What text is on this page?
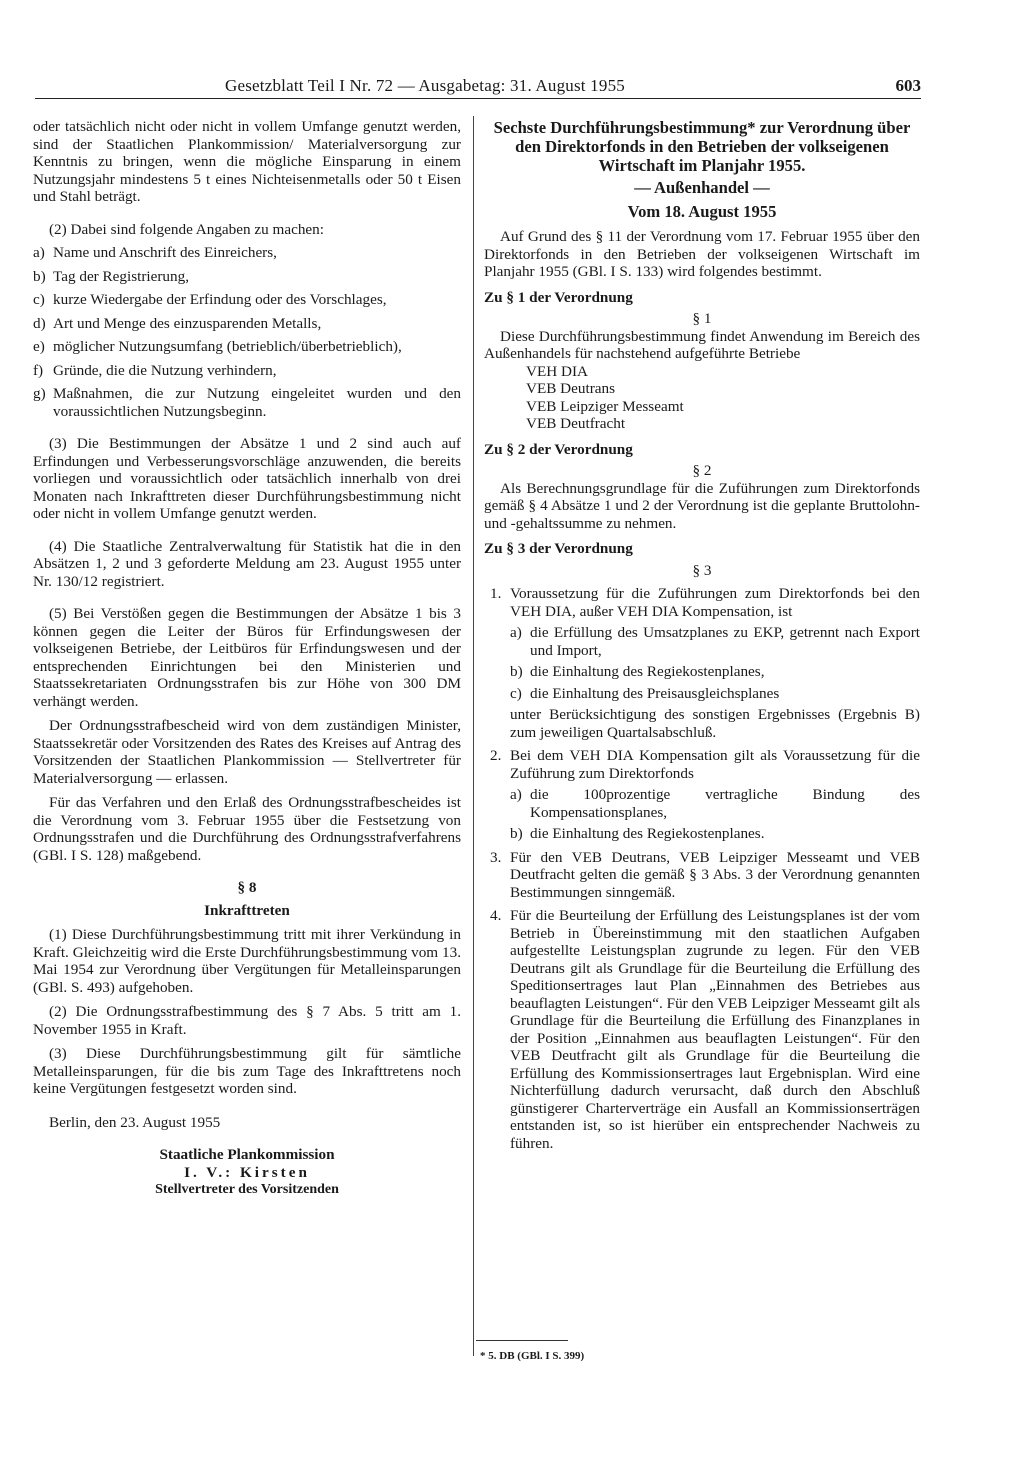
Gesetzblatt Teil I Nr. 72 — Ausgabetag: 31. August 1955	603

oder tatsächlich nicht oder nicht in vollem Umfange genutzt werden, sind der Staatlichen Plankommission/ Materialversorgung zur Kenntnis zu bringen, wenn die mögliche Einsparung in einem Nutzungsjahr mindestens 5 t eines Nichteisenmetalls oder 50 t Eisen und Stahl beträgt.

(2) Dabei sind folgende Angaben zu machen:

a) Name und Anschrift des Einreichers,
b) Tag der Registrierung,
c) kurze Wiedergabe der Erfindung oder des Vorschlages,
d) Art und Menge des einzusparenden Metalls,
e) möglicher Nutzungsumfang (betrieblich/überbetrieblich),
f) Gründe, die die Nutzung verhindern,
g) Maßnahmen, die zur Nutzung eingeleitet wurden und den voraussichtlichen Nutzungsbeginn.

(3) Die Bestimmungen der Absätze 1 und 2 sind auch auf Erfindungen und Verbesserungsvorschläge anzuwenden, die bereits vorliegen und voraussichtlich oder tatsächlich innerhalb von drei Monaten nach Inkrafttreten dieser Durchführungsbestimmung nicht oder nicht in vollem Umfange genutzt werden.

(4) Die Staatliche Zentralverwaltung für Statistik hat die in den Absätzen 1, 2 und 3 geforderte Meldung am 23. August 1955 unter Nr. 130/12 registriert.

(5) Bei Verstößen gegen die Bestimmungen der Absätze 1 bis 3 können gegen die Leiter der Büros für Erfindungswesen der volkseigenen Betriebe, der Leitbüros für Erfindungswesen und der entsprechenden Einrichtungen bei den Ministerien und Staatssekretariaten Ordnungsstrafen bis zur Höhe von 300 DM verhängt werden.

Der Ordnungsstrafbescheid wird von dem zuständigen Minister, Staatssekretär oder Vorsitzenden des Rates des Kreises auf Antrag des Vorsitzenden der Staatlichen Plankommission — Stellvertreter für Materialversorgung — erlassen.

Für das Verfahren und den Erlaß des Ordnungsstrafbescheides ist die Verordnung vom 3. Februar 1955 über die Festsetzung von Ordnungsstrafen und die Durchführung des Ordnungsstrafverfahrens (GBl. I S. 128) maßgebend.

§ 8

Inkrafttreten

(1) Diese Durchführungsbestimmung tritt mit ihrer Verkündung in Kraft. Gleichzeitig wird die Erste Durchführungsbestimmung vom 13. Mai 1954 zur Verordnung über Vergütungen für Metalleinsparungen (GBl. S. 493) aufgehoben.

(2) Die Ordnungsstrafbestimmung des § 7 Abs. 5 tritt am 1. November 1955 in Kraft.

(3) Diese Durchführungsbestimmung gilt für sämtliche Metalleinsparungen, für die bis zum Tage des Inkrafttretens noch keine Vergütungen festgesetzt worden sind.

Berlin, den 23. August 1955

Staatliche Plankommission

I. V.: Kirsten

Stellvertreter des Vorsitzenden

Sechste Durchführungsbestimmung* zur Verordnung über den Direktorfonds in den Betrieben der volkseigenen Wirtschaft im Planjahr 1955.

— Außenhandel —

Vom 18. August 1955

Auf Grund des § 11 der Verordnung vom 17. Februar 1955 über den Direktorfonds in den Betrieben der volkseigenen Wirtschaft im Planjahr 1955 (GBl. I S. 133) wird folgendes bestimmt.

Zu § 1 der Verordnung

§ 1

Diese Durchführungsbestimmung findet Anwendung im Bereich des Außenhandels für nachstehend aufgeführte Betriebe

VEH DIA
VEB Deutrans
VEB Leipziger Messeamt
VEB Deutfracht

Zu § 2 der Verordnung

§ 2

Als Berechnungsgrundlage für die Zuführungen zum Direktorfonds gemäß § 4 Absätze 1 und 2 der Verordnung ist die geplante Bruttolohn- und -gehaltssumme zu nehmen.

Zu § 3 der Verordnung

§ 3

1. Voraussetzung für die Zuführungen zum Direktorfonds bei den VEH DIA, außer VEH DIA Kompensation, ist
a) die Erfüllung des Umsatzplanes zu EKP, getrennt nach Export und Import,
b) die Einhaltung des Regiekostenplanes,
c) die Einhaltung des Preisausgleichsplanes

unter Berücksichtigung des sonstigen Ergebnisses (Ergebnis B) zum jeweiligen Quartalsabschluß.

2. Bei dem VEH DIA Kompensation gilt als Voraussetzung für die Zuführung zum Direktorfonds
a) die 100prozentige vertragliche Bindung des Kompensationsplanes,
b) die Einhaltung des Regiekostenplanes.
3. Für den VEB Deutrans, VEB Leipziger Messeamt und VEB Deutfracht gelten die gemäß § 3 Abs. 3 der Verordnung genannten Bestimmungen sinngemäß.
4. Für die Beurteilung der Erfüllung des Leistungsplanes ist der vom Betrieb in Übereinstimmung mit den staatlichen Aufgaben aufgestellte Leistungsplan zugrunde zu legen. Für den VEB Deutrans gilt als Grundlage für die Beurteilung die Erfüllung des Speditionsertrages laut Plan „Einnahmen des Betriebes aus beauflagten Leistungen“. Für den VEB Leipziger Messeamt gilt als Grundlage für die Beurteilung die Erfüllung des Finanzplanes in der Position „Einnahmen aus beauflagten Leistungen“. Für den VEB Deutfracht gilt als Grundlage für die Beurteilung die Erfüllung des Kommissionsertrages laut Ergebnisplan. Wird eine Nichterfüllung dadurch verursacht, daß durch den Abschluß günstigerer Charterverträge ein Ausfall an Kommissionserträgen entstanden ist, so ist hierüber ein entsprechender Nachweis zu führen.
* 5. DB (GBl. I S. 399)
